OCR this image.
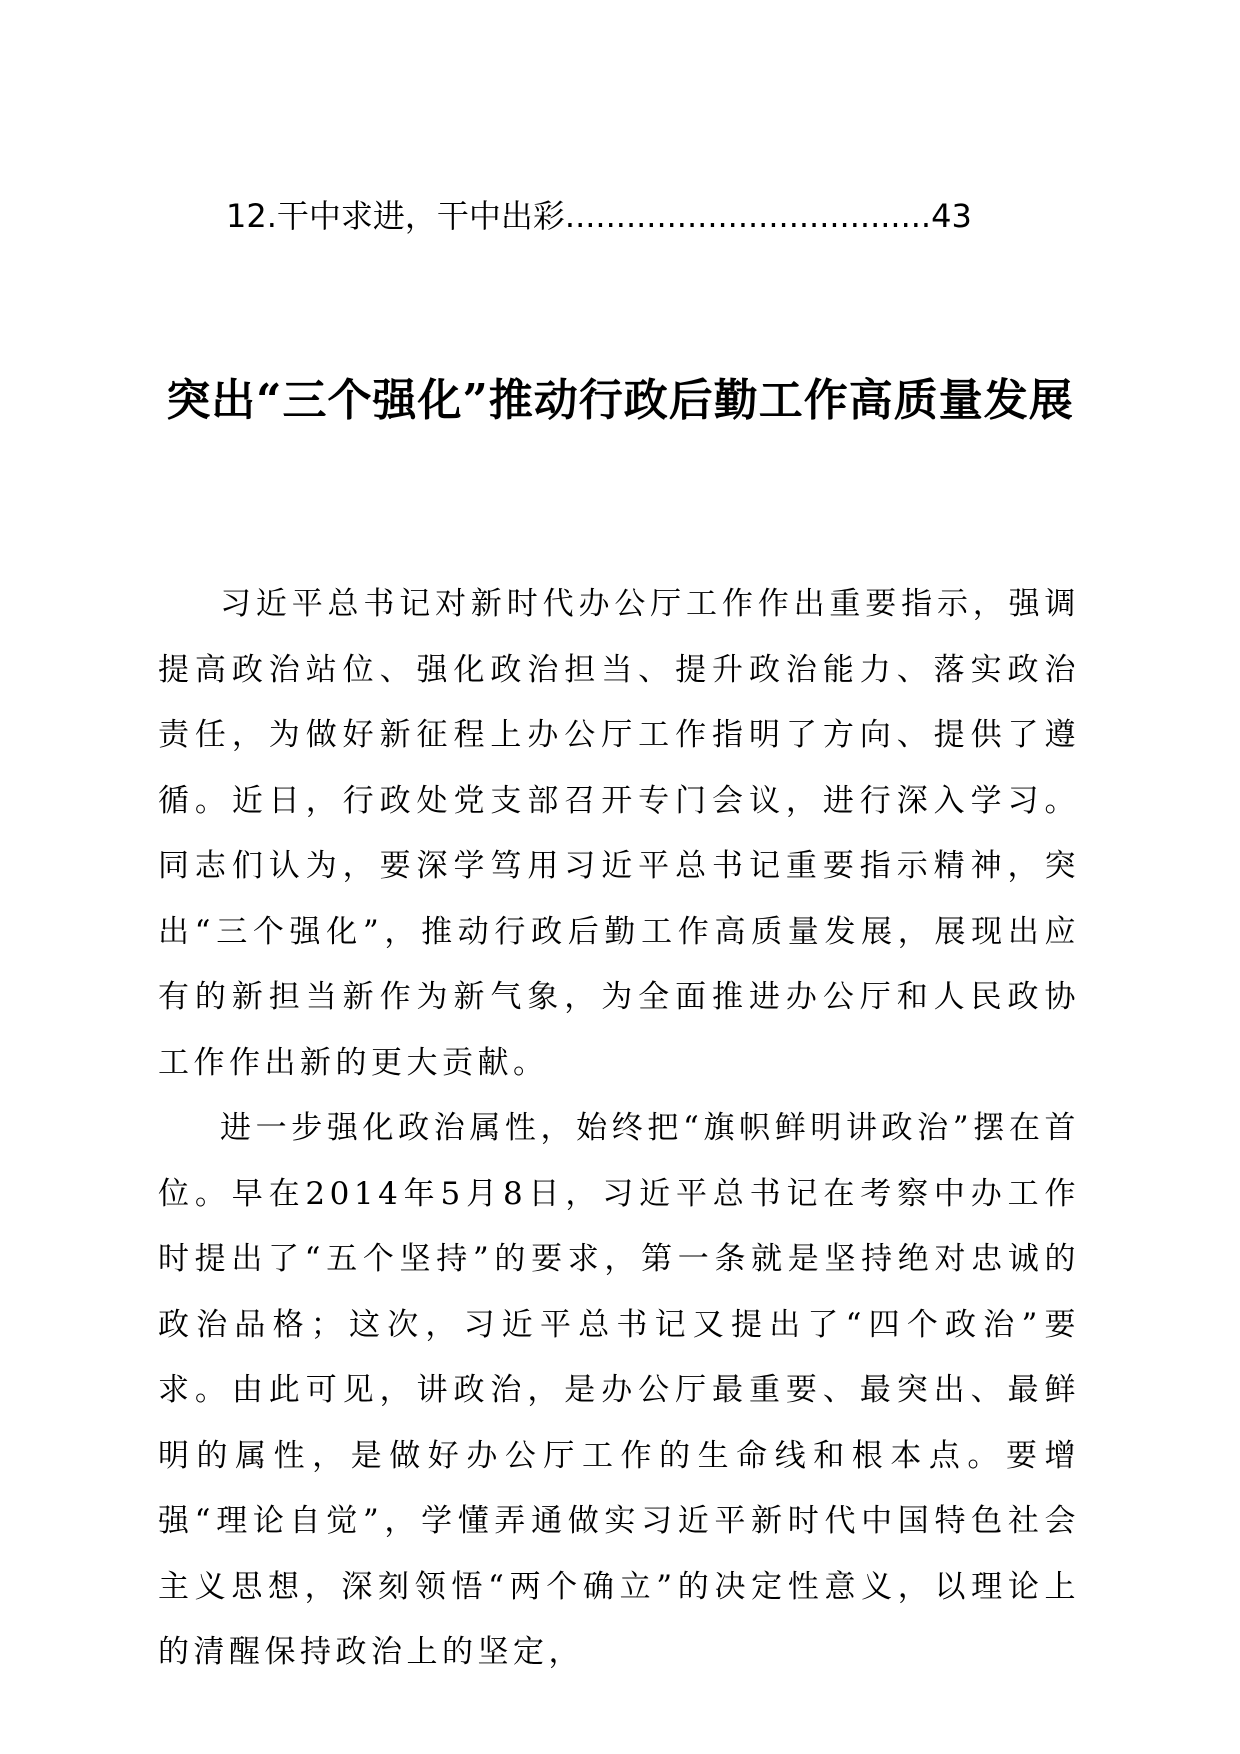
12.干中求进，干中出彩....................................43
突出“三个强化”推动行政后勤工作高质量发展

习近平总书记对新时代办公厅工作作出重要指示，强调提高政治站位、强化政治担当、提升政治能力、落实政治责任，为做好新征程上办公厅工作指明了方向、提供了遵循。近日，行政处党支部召开专门会议，进行深入学习。同志们认为，要深学笃用习近平总书记重要指示精神，突出“三个强化”，推动行政后勤工作高质量发展，展现出应有的新担当新作为新气象，为全面推进办公厅和人民政协工作作出新的更大贡献。

进一步强化政治属性，始终把“旗帜鲜明讲政治”摆在首位。早在2014年5月8日，习近平总书记在考察中办工作时提出了“五个坚持”的要求，第一条就是坚持绝对忠诚的政治品格；这次，习近平总书记又提出了“四个政治”要求。由此可见，讲政治，是办公厅最重要、最突出、最鲜明的属性，是做好办公厅工作的生命线和根本点。要增强“理论自觉”，学懂弄通做实习近平新时代中国特色社会主义思想，深刻领悟“两个确立”的决定性意义，以理论上的清醒保持政治上的坚定，
